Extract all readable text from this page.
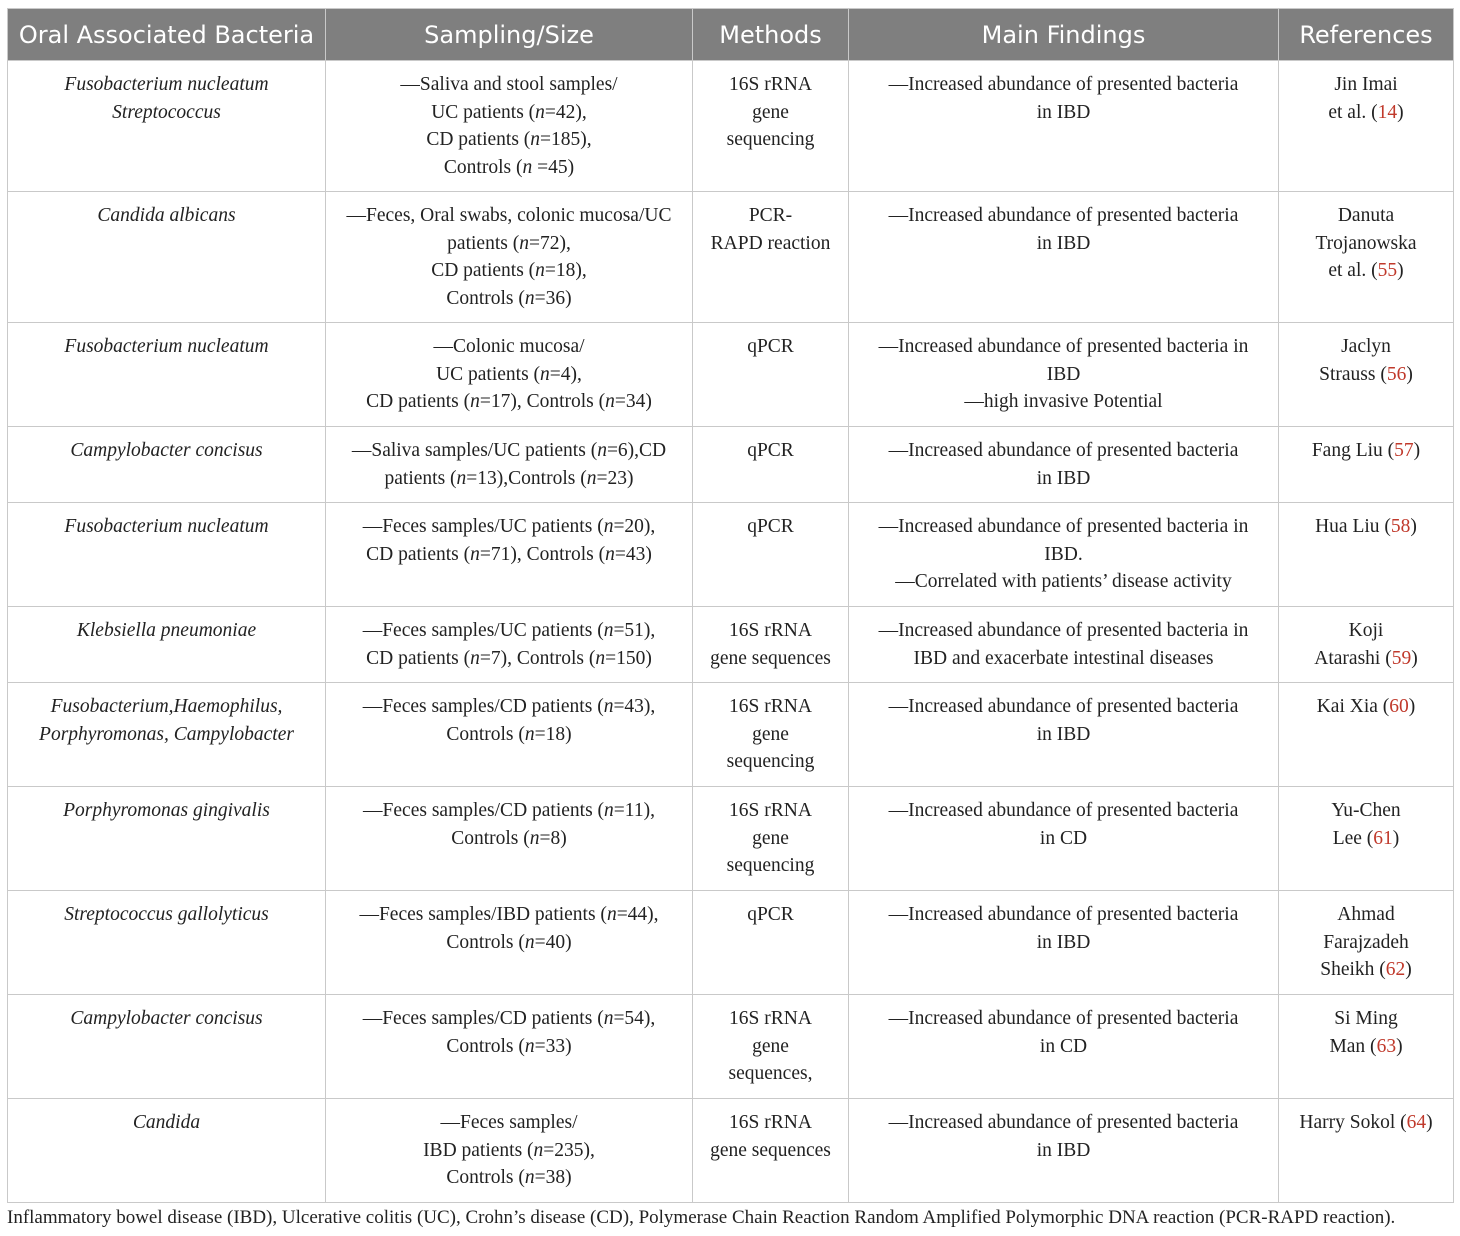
Oral Associated Bacteria	Sampling/Size	Methods	Main Findings	References

Fusobacterium nucleatum
Streptococcus	—Saliva and stool samples/
UC patients (n=42),
CD patients (n=185),
Controls (n =45)	16S rRNA
gene
sequencing	—Increased abundance of presented bacteria
in IBD	Jin Imai
et al. (14)

Candida albicans	—Feces, Oral swabs, colonic mucosa/UC
patients (n=72),
CD patients (n=18),
Controls (n=36)	PCR-
RAPD reaction	—Increased abundance of presented bacteria
in IBD	Danuta
Trojanowska
et al. (55)

Fusobacterium nucleatum	—Colonic mucosa/
UC patients (n=4),
CD patients (n=17), Controls (n=34)	qPCR	—Increased abundance of presented bacteria in
IBD
—high invasive Potential	Jaclyn
Strauss (56)

Campylobacter concisus	—Saliva samples/UC patients (n=6),CD
patients (n=13),Controls (n=23)	qPCR	—Increased abundance of presented bacteria
in IBD	Fang Liu (57)

Fusobacterium nucleatum	—Feces samples/UC patients (n=20),
CD patients (n=71), Controls (n=43)	qPCR	—Increased abundance of presented bacteria in
IBD.
—Correlated with patients’ disease activity	Hua Liu (58)

Klebsiella pneumoniae	—Feces samples/UC patients (n=51),
CD patients (n=7), Controls (n=150)	16S rRNA
gene sequences	—Increased abundance of presented bacteria in
IBD and exacerbate intestinal diseases	Koji
Atarashi (59)

Fusobacterium,Haemophilus,
Porphyromonas, Campylobacter	—Feces samples/CD patients (n=43),
Controls (n=18)	16S rRNA
gene
sequencing	—Increased abundance of presented bacteria
in IBD	Kai Xia (60)

Porphyromonas gingivalis	—Feces samples/CD patients (n=11),
Controls (n=8)	16S rRNA
gene
sequencing	—Increased abundance of presented bacteria
in CD	Yu-Chen
Lee (61)

Streptococcus gallolyticus	—Feces samples/IBD patients (n=44),
Controls (n=40)	qPCR	—Increased abundance of presented bacteria
in IBD	Ahmad
Farajzadeh
Sheikh (62)

Campylobacter concisus	—Feces samples/CD patients (n=54),
Controls (n=33)	16S rRNA
gene
sequences,	—Increased abundance of presented bacteria
in CD	Si Ming
Man (63)

Candida	—Feces samples/
IBD patients (n=235),
Controls (n=38)	16S rRNA
gene sequences	—Increased abundance of presented bacteria
in IBD	Harry Sokol (64)
Inflammatory bowel disease (IBD), Ulcerative colitis (UC), Crohn’s disease (CD), Polymerase Chain Reaction Random Amplified Polymorphic DNA reaction (PCR-RAPD reaction).
